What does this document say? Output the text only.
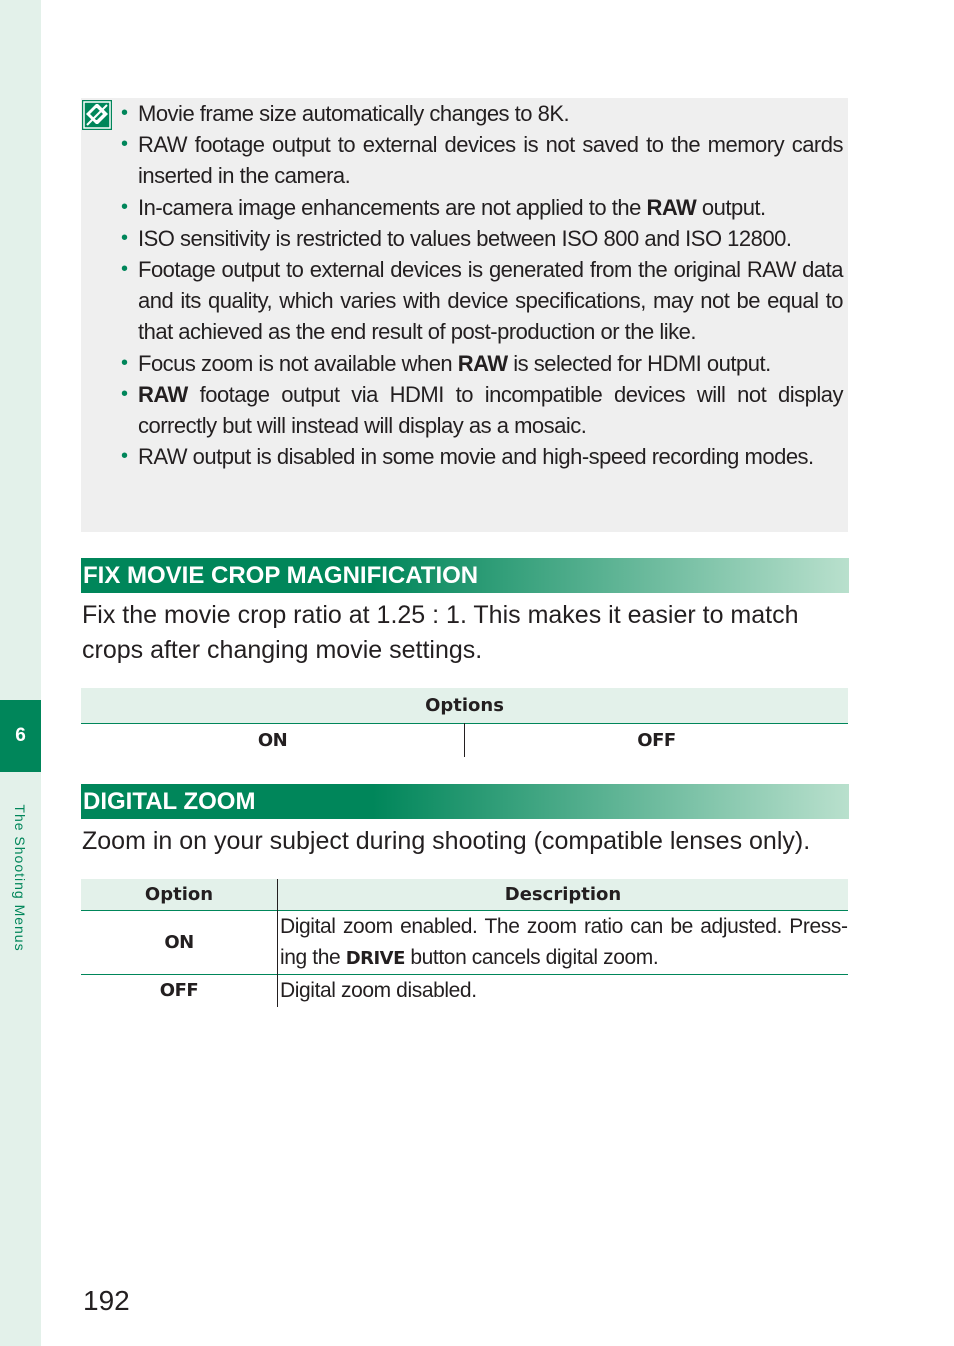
6
The Shooting Menus
• Movie frame size automatically changes to 8K.
• RAW footage output to external devices is not saved to the memory cards inserted in the camera.
• In-camera image enhancements are not applied to the RAW output.
• ISO sensitivity is restricted to values between ISO 800 and ISO 12800.
• Footage output to external devices is generated from the original RAW data and its quality, which varies with device specifications, may not be equal to that achieved as the end result of post-production or the like.
• Focus zoom is not available when RAW is selected for HDMI output.
• RAW footage output via HDMI to incompatible devices will not display correctly but will instead will display as a mosaic.
• RAW output is disabled in some movie and high-speed recording modes.
FIX MOVIE CROP MAGNIFICATION
Fix the movie crop ratio at 1.25 : 1. This makes it easier to match crops after changing movie settings.
Options
ON	OFF
DIGITAL ZOOM
Zoom in on your subject during shooting (compatible lenses only).
Option	Description
ON	Digital zoom enabled. The zoom ratio can be adjusted. Pressing the DRIVE button cancels digital zoom.
OFF	Digital zoom disabled.
192
